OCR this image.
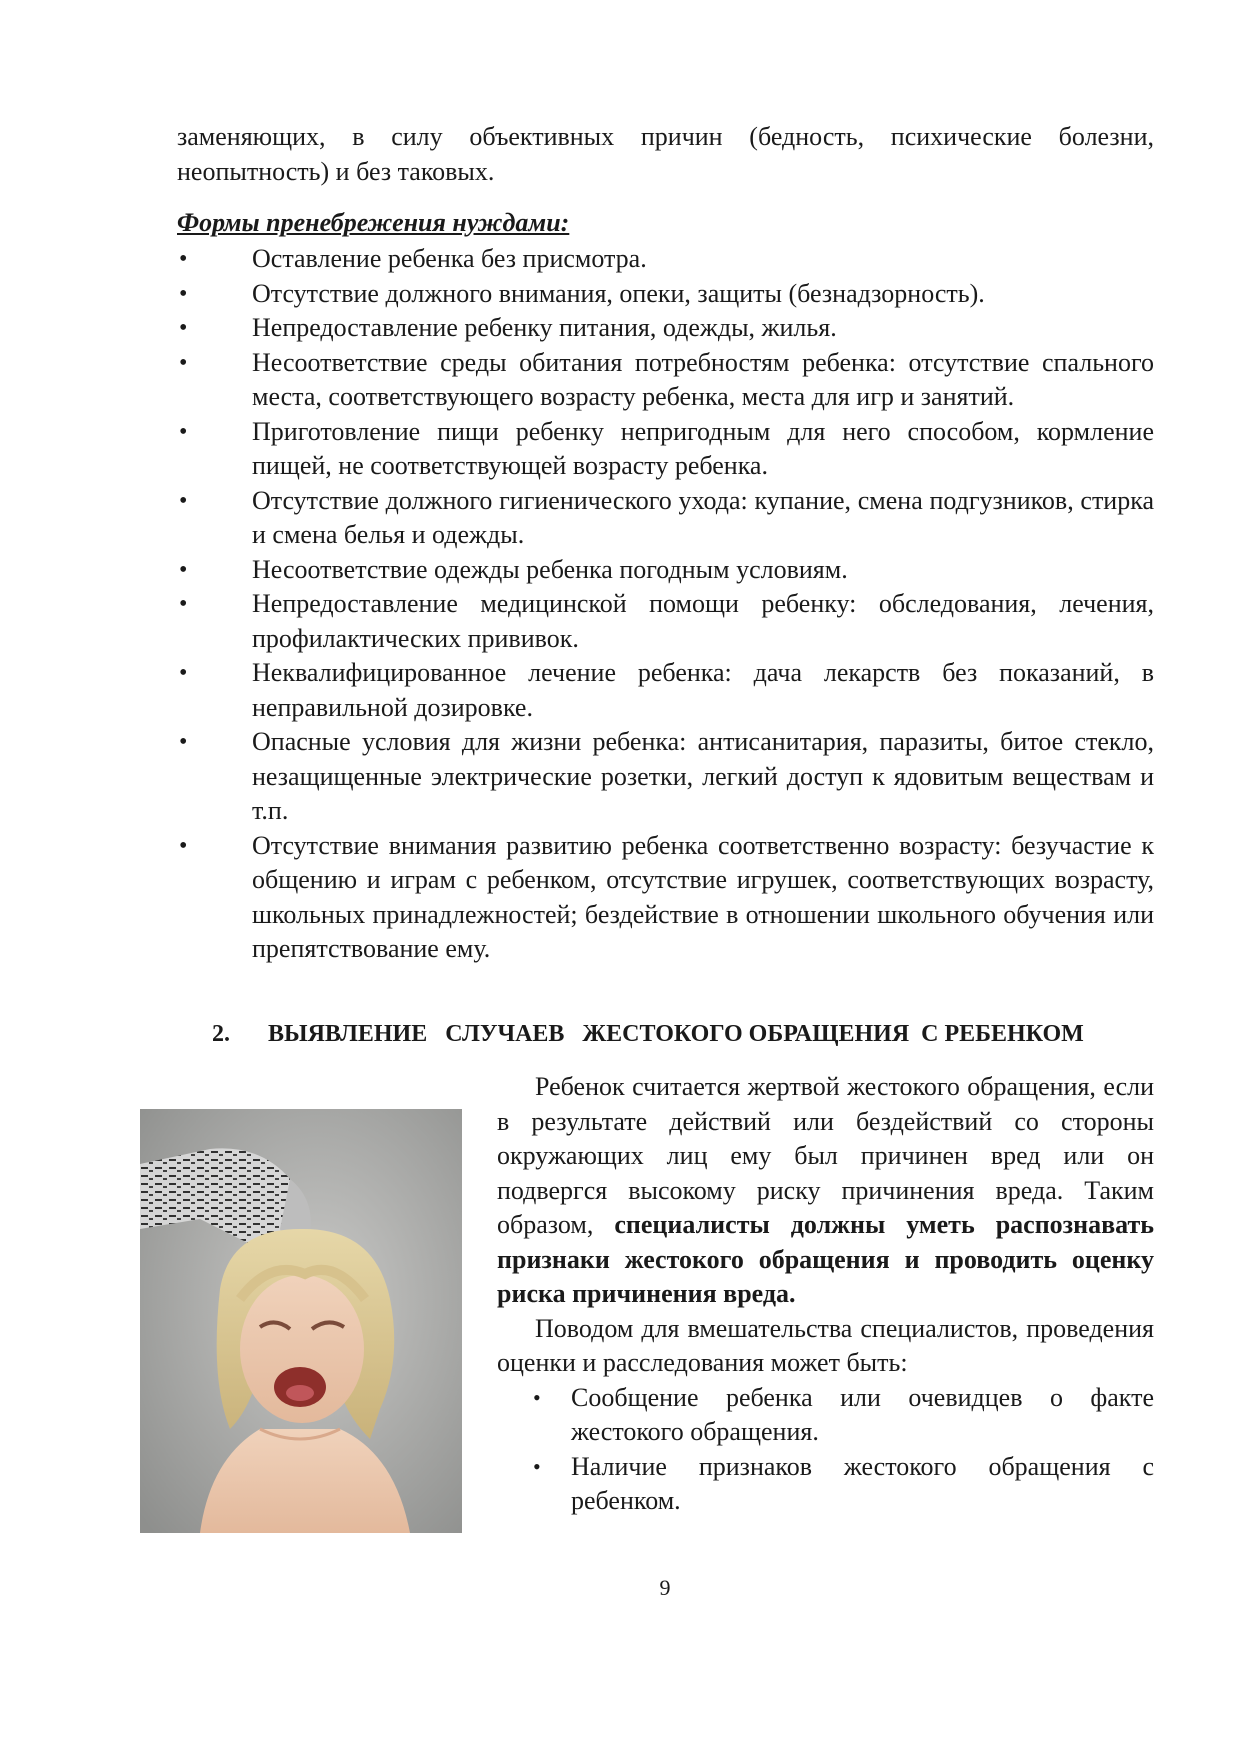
заменяющих, в силу объективных причин (бедность, психические болезни, неопытность) и без таковых.
Формы пренебрежения нуждами:
• Оставление ребенка без присмотра.
• Отсутствие должного внимания, опеки, защиты (безнадзорность).
• Непредоставление ребенку питания, одежды, жилья.
• Несоответствие среды обитания потребностям ребенка: отсутствие спального места, соответствующего возрасту ребенка, места для игр и занятий.
• Приготовление пищи ребенку непригодным для него способом, кормление пищей, не соответствующей возрасту ребенка.
• Отсутствие должного гигиенического ухода: купание, смена подгузников, стирка и смена белья и одежды.
• Несоответствие одежды ребенка погодным условиям.
• Непредоставление медицинской помощи ребенку: обследования, лечения, профилактических прививок.
• Неквалифицированное лечение ребенка: дача лекарств без показаний, в неправильной дозировке.
• Опасные условия для жизни ребенка: антисанитария, паразиты, битое стекло, незащищенные электрические розетки, легкий доступ к ядовитым веществам и т.п.
• Отсутствие внимания развитию ребенка соответственно возрасту: безучастие к общению и играм с ребенком, отсутствие игрушек, соответствующих возрасту, школьных принадлежностей; бездействие в отношении школьного обучения или препятствование ему.
2. ВЫЯВЛЕНИЕ   СЛУЧАЕВ   ЖЕСТОКОГО ОБРАЩЕНИЯ  С РЕБЕНКОМ

Ребенок считается жертвой жестокого обращения, если в результате действий или бездействий со стороны окружающих лиц ему был причинен вред или он подвергся высокому риску причинения вреда. Таким образом, специалисты должны уметь распознавать признаки жестокого обращения и проводить оценку риска причинения вреда.

Поводом для вмешательства специалистов, проведения оценки и расследования может быть:

• Сообщение ребенка или очевидцев о факте жестокого обращения.
• Наличие признаков жестокого обращения с ребенком.
9
